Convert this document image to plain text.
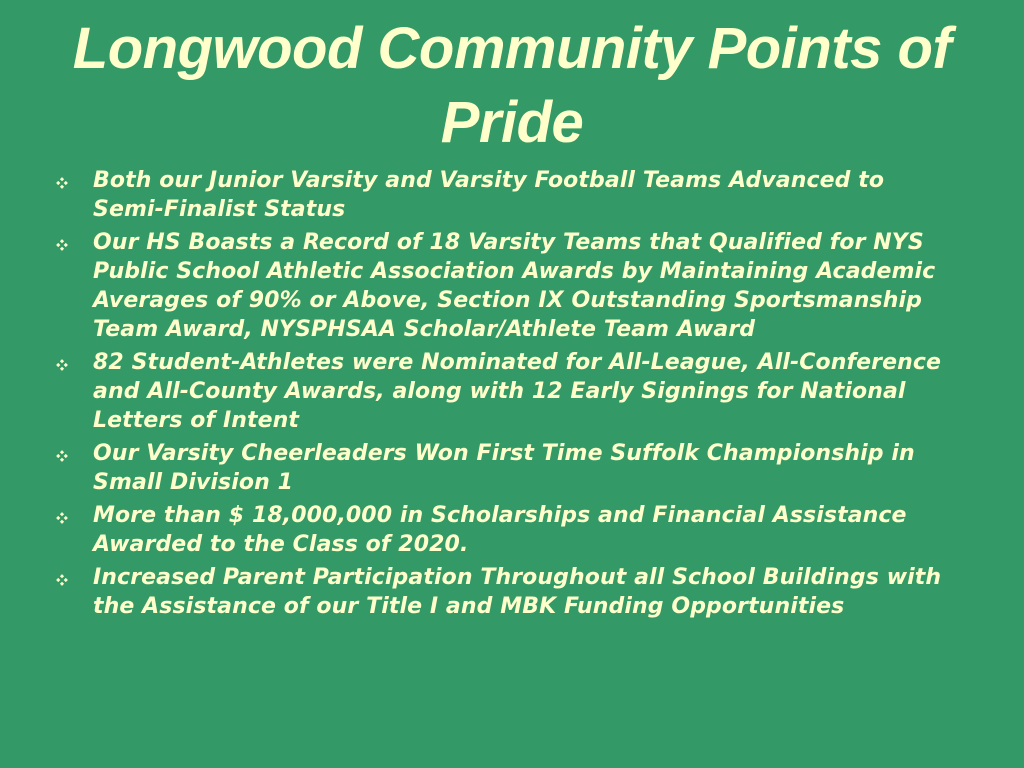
Longwood Community Points of Pride
Both our Junior Varsity and Varsity Football Teams Advanced to Semi-Finalist Status
Our HS Boasts a Record of 18 Varsity Teams that Qualified for NYS Public School Athletic Association Awards by Maintaining Academic Averages of 90% or Above, Section IX Outstanding Sportsmanship Team Award, NYSPHSAA Scholar/Athlete Team Award
82 Student-Athletes were Nominated for All-League, All-Conference and All-County Awards, along with 12 Early Signings for National Letters of Intent
Our Varsity Cheerleaders Won First Time Suffolk Championship in Small Division 1
More than $ 18,000,000 in Scholarships and Financial Assistance Awarded to the Class of 2020.
Increased Parent Participation Throughout all School Buildings with the Assistance of our Title I and MBK Funding Opportunities
